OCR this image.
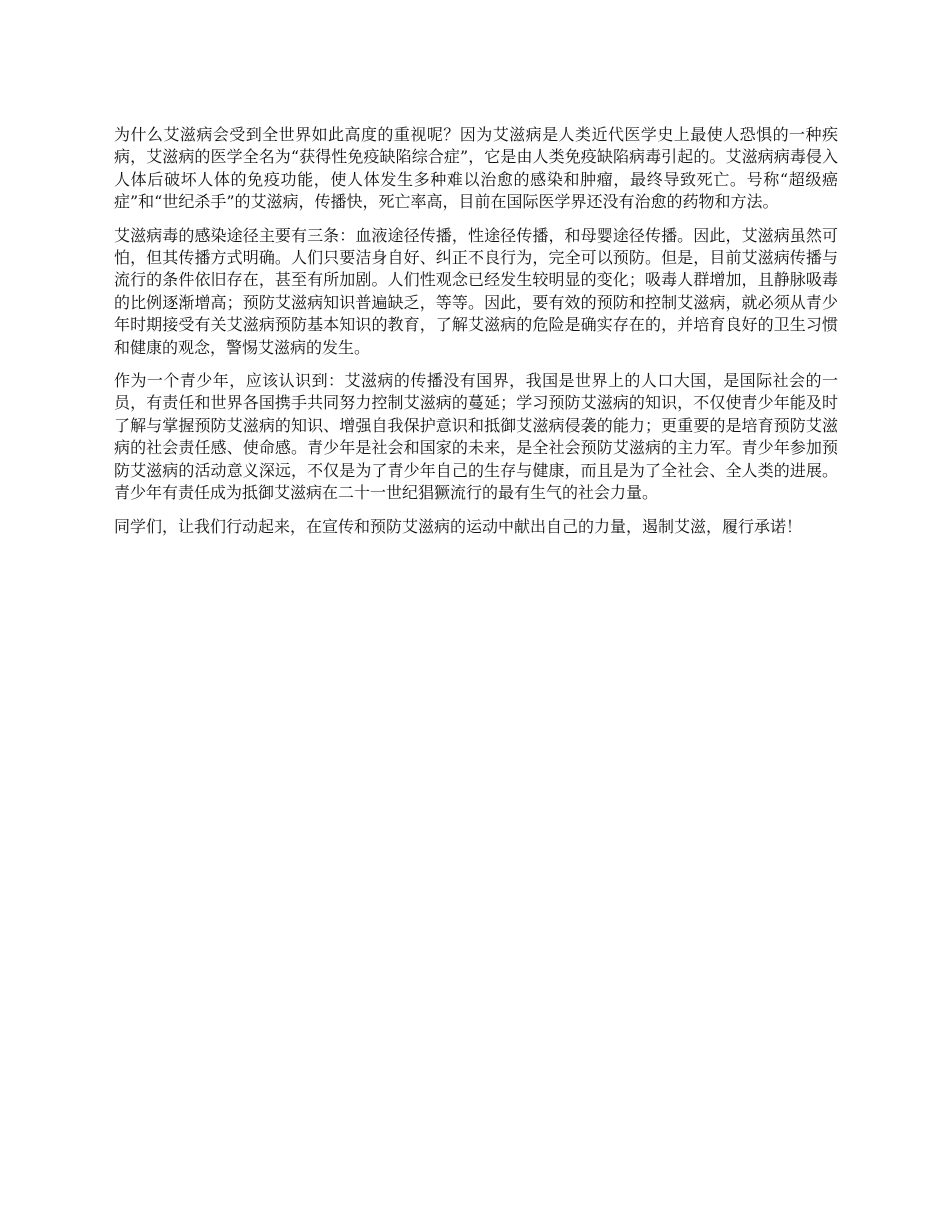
为什么艾滋病会受到全世界如此高度的重视呢？因为艾滋病是人类近代医学史上最使人恐惧的一种疾病，艾滋病的医学全名为“获得性免疫缺陷综合症”，它是由人类免疫缺陷病毒引起的。艾滋病病毒侵入人体后破坏人体的免疫功能，使人体发生多种难以治愈的感染和肿瘤，最终导致死亡。号称“超级癌症”和“世纪杀手”的艾滋病，传播快，死亡率高，目前在国际医学界还没有治愈的药物和方法。

艾滋病毒的感染途径主要有三条：血液途径传播，性途径传播，和母婴途径传播。因此，艾滋病虽然可怕，但其传播方式明确。人们只要洁身自好、纠正不良行为，完全可以预防。但是，目前艾滋病传播与流行的条件依旧存在，甚至有所加剧。人们性观念已经发生较明显的变化；吸毒人群增加，且静脉吸毒的比例逐渐增高；预防艾滋病知识普遍缺乏，等等。因此，要有效的预防和控制艾滋病，就必须从青少年时期接受有关艾滋病预防基本知识的教育，了解艾滋病的危险是确实存在的，并培育良好的卫生习惯和健康的观念，警惕艾滋病的发生。

作为一个青少年，应该认识到：艾滋病的传播没有国界，我国是世界上的人口大国，是国际社会的一员，有责任和世界各国携手共同努力控制艾滋病的蔓延；学习预防艾滋病的知识，不仅使青少年能及时了解与掌握预防艾滋病的知识、增强自我保护意识和抵御艾滋病侵袭的能力；更重要的是培育预防艾滋病的社会责任感、使命感。青少年是社会和国家的未来，是全社会预防艾滋病的主力军。青少年参加预防艾滋病的活动意义深远，不仅是为了青少年自己的生存与健康，而且是为了全社会、全人类的进展。青少年有责任成为抵御艾滋病在二十一世纪猖獗流行的最有生气的社会力量。

同学们，让我们行动起来，在宣传和预防艾滋病的运动中献出自己的力量，遏制艾滋，履行承诺！
